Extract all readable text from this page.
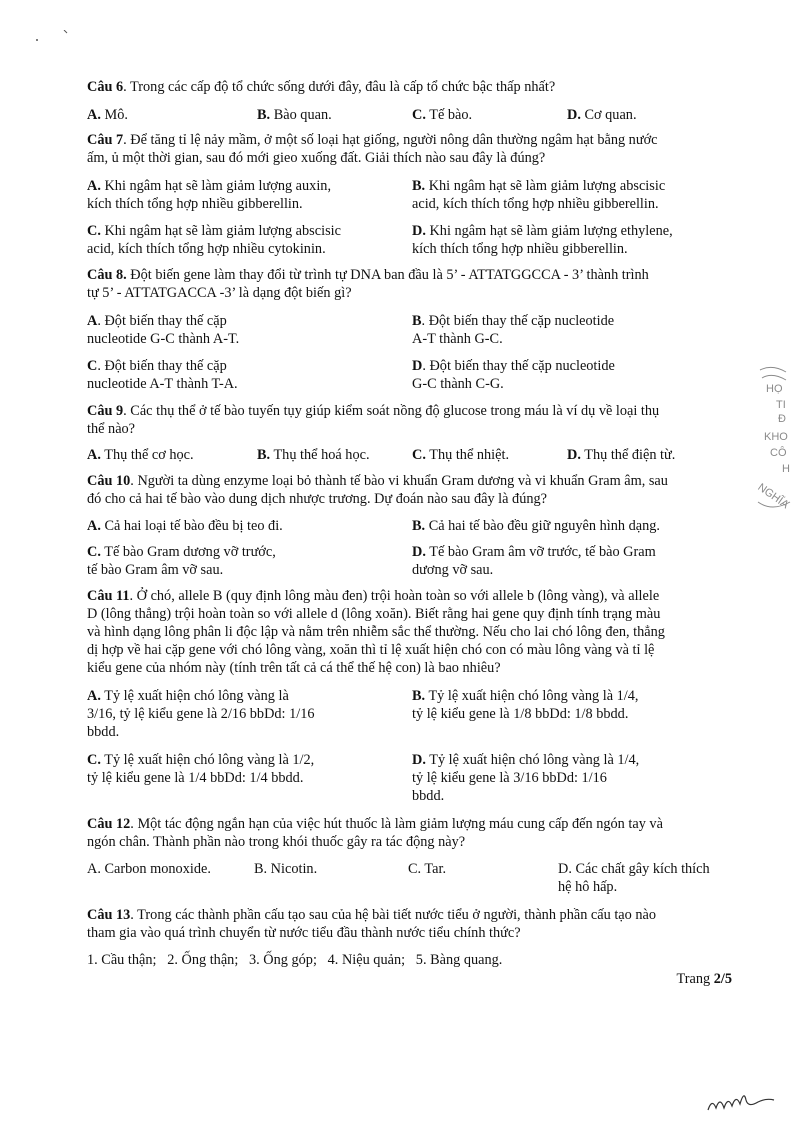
Câu 6. Trong các cấp độ tổ chức sống dưới đây, đâu là cấp tổ chức bậc thấp nhất?
A. Mô.	B. Bào quan.	C. Tế bào.	D. Cơ quan.
Câu 7. Để tăng tỉ lệ nảy mầm, ở một số loại hạt giống, người nông dân thường ngâm hạt bằng nước
ấm, ủ một thời gian, sau đó mới gieo xuống đất. Giải thích nào sau đây là đúng?
A. Khi ngâm hạt sẽ làm giảm lượng auxin,
kích thích tổng hợp nhiều gibberellin.
B. Khi ngâm hạt sẽ làm giảm lượng abscisic
acid, kích thích tổng hợp nhiều gibberellin.
C. Khi ngâm hạt sẽ làm giảm lượng abscisic
acid, kích thích tổng hợp nhiều cytokinin.
D. Khi ngâm hạt sẽ làm giảm lượng ethylene,
kích thích tổng hợp nhiều gibberellin.
Câu 8. Đột biến gene làm thay đổi từ trình tự DNA ban đầu là 5’ - ATTATGGCCA - 3’ thành trình
tự 5’ - ATTATGACCA -3’ là dạng đột biến gì?
A. Đột biến thay thế cặp
nucleotide G-C thành A-T.
B. Đột biến thay thế cặp nucleotide
A-T thành G-C.
C. Đột biến thay thế cặp
nucleotide A-T thành T-A.
D. Đột biến thay thế cặp nucleotide
G-C thành C-G.
Câu 9. Các thụ thể ở tế bào tuyến tụy giúp kiểm soát nồng độ glucose trong máu là ví dụ về loại thụ
thể nào?
A. Thụ thể cơ học.	B. Thụ thể hoá học.	C. Thụ thể nhiệt.	D. Thụ thể điện từ.
Câu 10. Người ta dùng enzyme loại bỏ thành tế bào vi khuẩn Gram dương và vi khuẩn Gram âm, sau
đó cho cả hai tế bào vào dung dịch nhược trương. Dự đoán nào sau đây là đúng?
A. Cả hai loại tế bào đều bị teo đi.	B. Cả hai tế bào đều giữ nguyên hình dạng.
C. Tế bào Gram dương vỡ trước,
tế bào Gram âm vỡ sau.
D. Tế bào Gram âm vỡ trước, tế bào Gram
dương vỡ sau.
Câu 11. Ở chó, allele B (quy định lông màu đen) trội hoàn toàn so với allele b (lông vàng), và allele
D (lông thẳng) trội hoàn toàn so với allele d (lông xoăn). Biết rằng hai gene quy định tính trạng màu
và hình dạng lông phân li độc lập và nằm trên nhiễm sắc thể thường. Nếu cho lai chó lông đen, thẳng
dị hợp về hai cặp gene với chó lông vàng, xoăn thì tỉ lệ xuất hiện chó con có màu lông vàng và tỉ lệ
kiểu gene của nhóm này (tính trên tất cả cá thể thế hệ con) là bao nhiêu?
A. Tỷ lệ xuất hiện chó lông vàng là
3/16, tỷ lệ kiểu gene là 2/16 bbDd: 1/16
bbdd.
B. Tỷ lệ xuất hiện chó lông vàng là 1/4,
tỷ lệ kiểu gene là 1/8 bbDd: 1/8 bbdd.
C. Tỷ lệ xuất hiện chó lông vàng là 1/2,
tỷ lệ kiểu gene là 1/4 bbDd: 1/4 bbdd.
D. Tỷ lệ xuất hiện chó lông vàng là 1/4,
tỷ lệ kiểu gene là 3/16 bbDd: 1/16
bbdd.
Câu 12. Một tác động ngắn hạn của việc hút thuốc là làm giảm lượng máu cung cấp đến ngón tay và
ngón chân. Thành phần nào trong khói thuốc gây ra tác động này?
A. Carbon monoxide.	B. Nicotin.	C. Tar.	D. Các chất gây kích thích
hệ hô hấp.
Câu 13. Trong các thành phần cấu tạo sau của hệ bài tiết nước tiểu ở người, thành phần cấu tạo nào
tham gia vào quá trình chuyển từ nước tiểu đầu thành nước tiểu chính thức?
1. Cầu thận;   2. Ống thận;   3. Ống góp;   4. Niệu quản;   5. Bàng quang.
Trang 2/5
HỌ
TI
Đ
KHO
CÔ
H
NGHĨA
